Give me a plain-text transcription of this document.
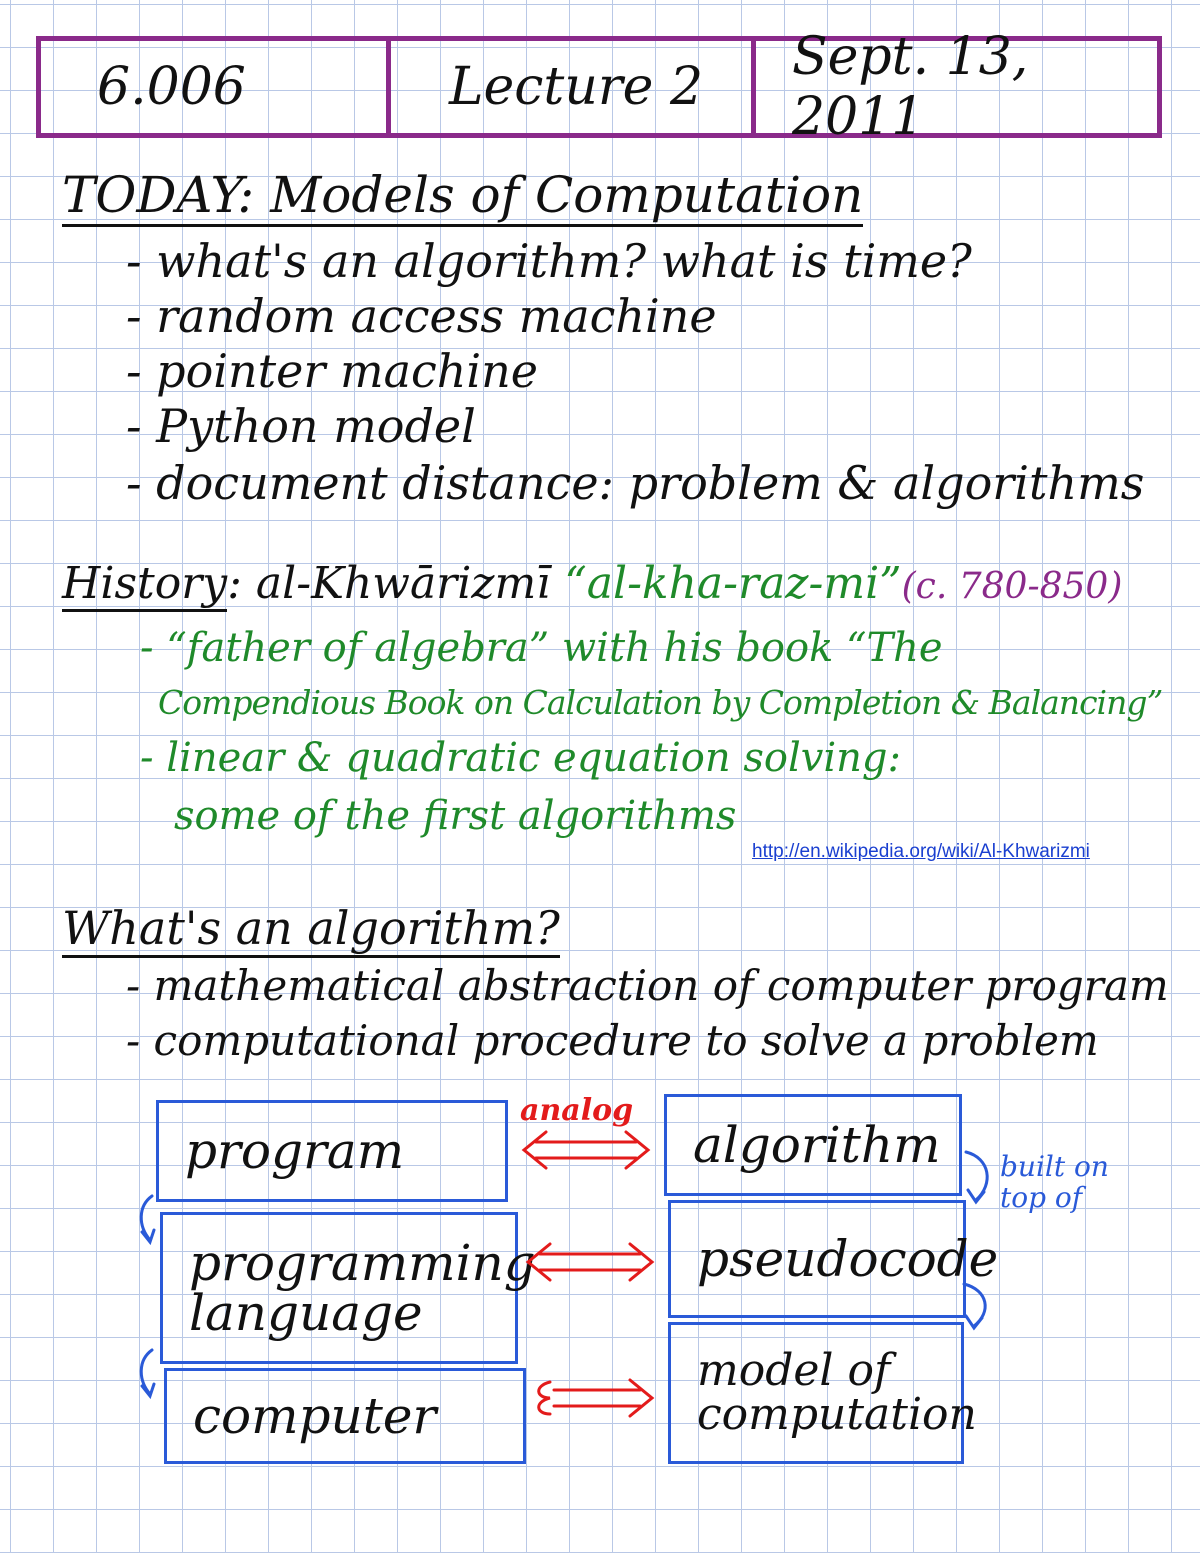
6.006	Lecture 2	Sept. 13, 2011
TODAY: Models of Computation
- what's an algorithm? what is time?
- random access machine
- pointer machine
- Python model
- document distance: problem & algorithms
History: al-Khwārizmī “al-kha-raz-mi”(c. 780-850)
- “father of algebra” with his book “The
Compendious Book on Calculation by Completion & Balancing”
- linear & quadratic equation solving:
some of the first algorithms
http://en.wikipedia.org/wiki/Al-Khwarizmi
What's an algorithm?
- mathematical abstraction of computer program
- computational procedure to solve a problem
program
programming language
computer
algorithm
pseudocode
model of computation
analog
built on top of
